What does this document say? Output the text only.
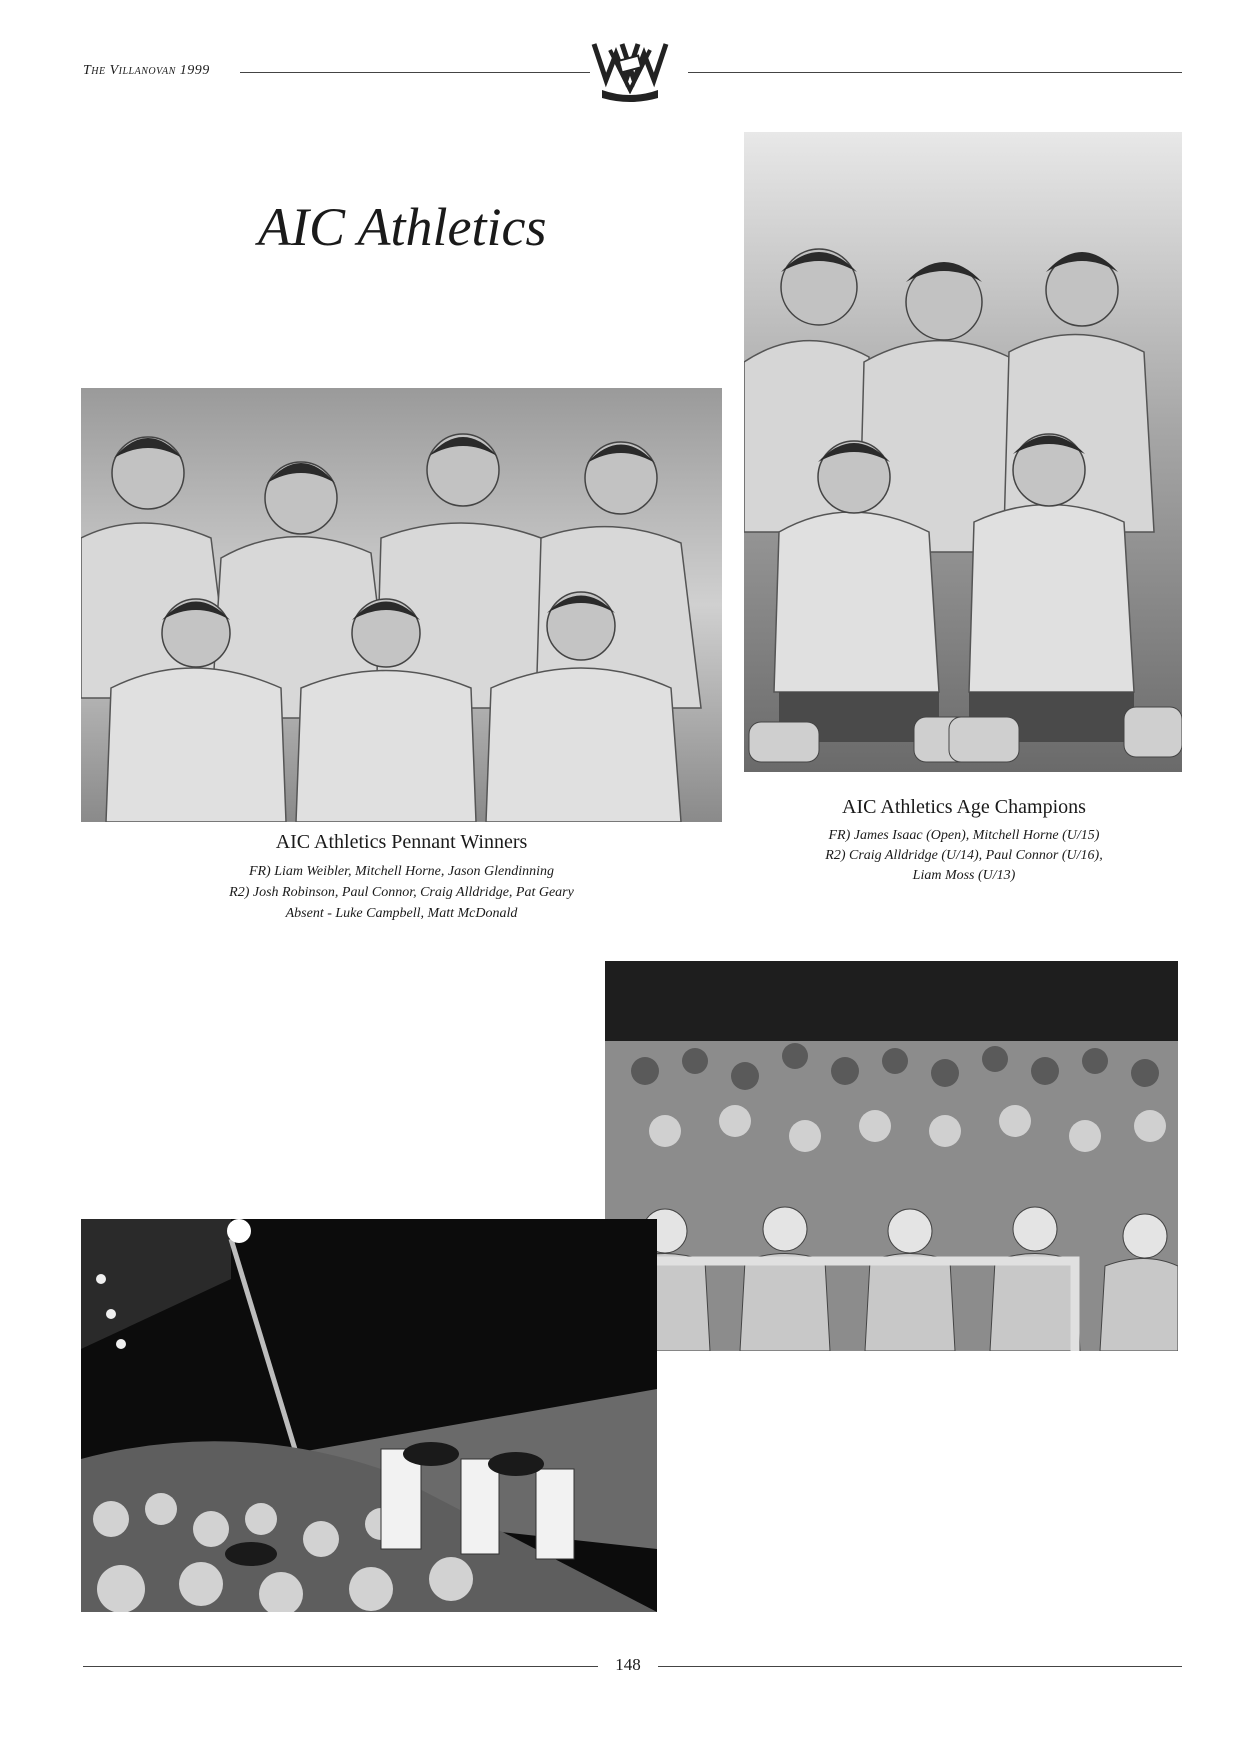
The Villanovan 1999
AIC Athletics
AIC Athletics Age Champions
FR) James Isaac (Open), Mitchell Horne (U/15)
R2) Craig Alldridge (U/14), Paul Connor (U/16),
Liam Moss (U/13)
AIC Athletics Pennant Winners
FR) Liam Weibler, Mitchell Horne, Jason Glendinning
R2) Josh Robinson, Paul Connor, Craig Alldridge, Pat Geary
Absent - Luke Campbell, Matt McDonald
148
